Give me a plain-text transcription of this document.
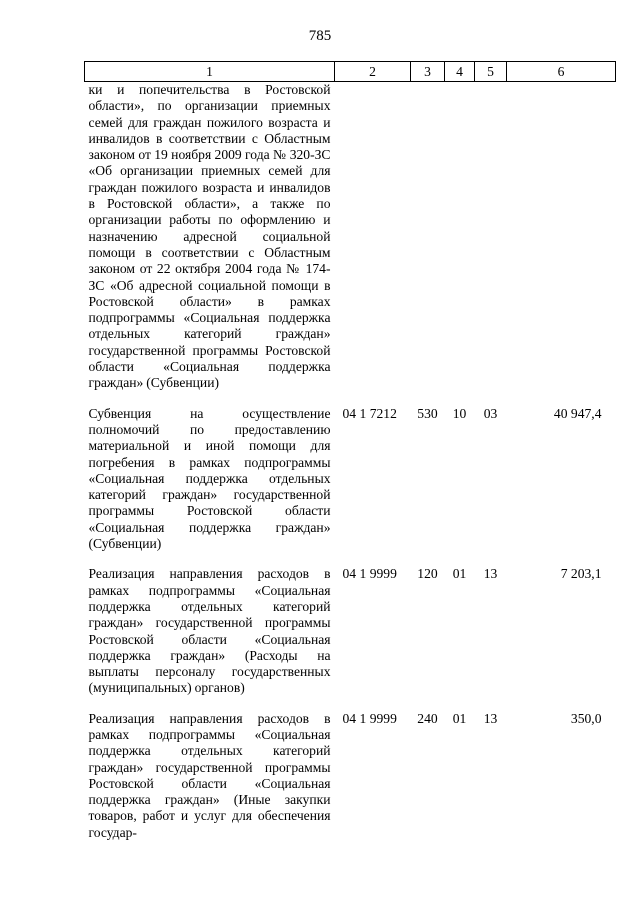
785
1	2	3	4	5	6
ки и попечительства в Ростовской области», по организации приемных семей для граждан пожилого возраста и инвалидов в соответствии с Областным законом от 19 ноября 2009 года № 320-ЗС «Об организации приемных семей для граждан пожилого возраста и инвалидов в Ростовской области», а также по организации работы по оформлению и назначению адресной социальной помощи в соответствии с Областным законом от 22 октября 2004 года № 174-ЗС «Об адресной социальной помощи в Ростовской области» в рамках подпрограммы «Социальная поддержка отдельных категорий граждан» государственной программы Ростовской области «Социальная поддержка граждан» (Субвенции)					

Субвенция на осуществление полномочий по предоставлению материальной и иной помощи для погребения в рамках подпрограммы «Социальная поддержка отдельных категорий граждан» государственной программы Ростовской области «Социальная поддержка граждан» (Субвенции)	04 1 7212	530	10	03	40 947,4

Реализация направления расходов в рамках подпрограммы «Социальная поддержка отдельных категорий граждан» государственной программы Ростовской области «Социальная поддержка граждан» (Расходы на выплаты персоналу государственных (муниципальных) органов)	04 1 9999	120	01	13	7 203,1

Реализация направления расходов в рамках подпрограммы «Социальная поддержка отдельных категорий граждан» государственной программы Ростовской области «Социальная поддержка граждан» (Иные закупки товаров, работ и услуг для обеспечения государ-	04 1 9999	240	01	13	350,0
